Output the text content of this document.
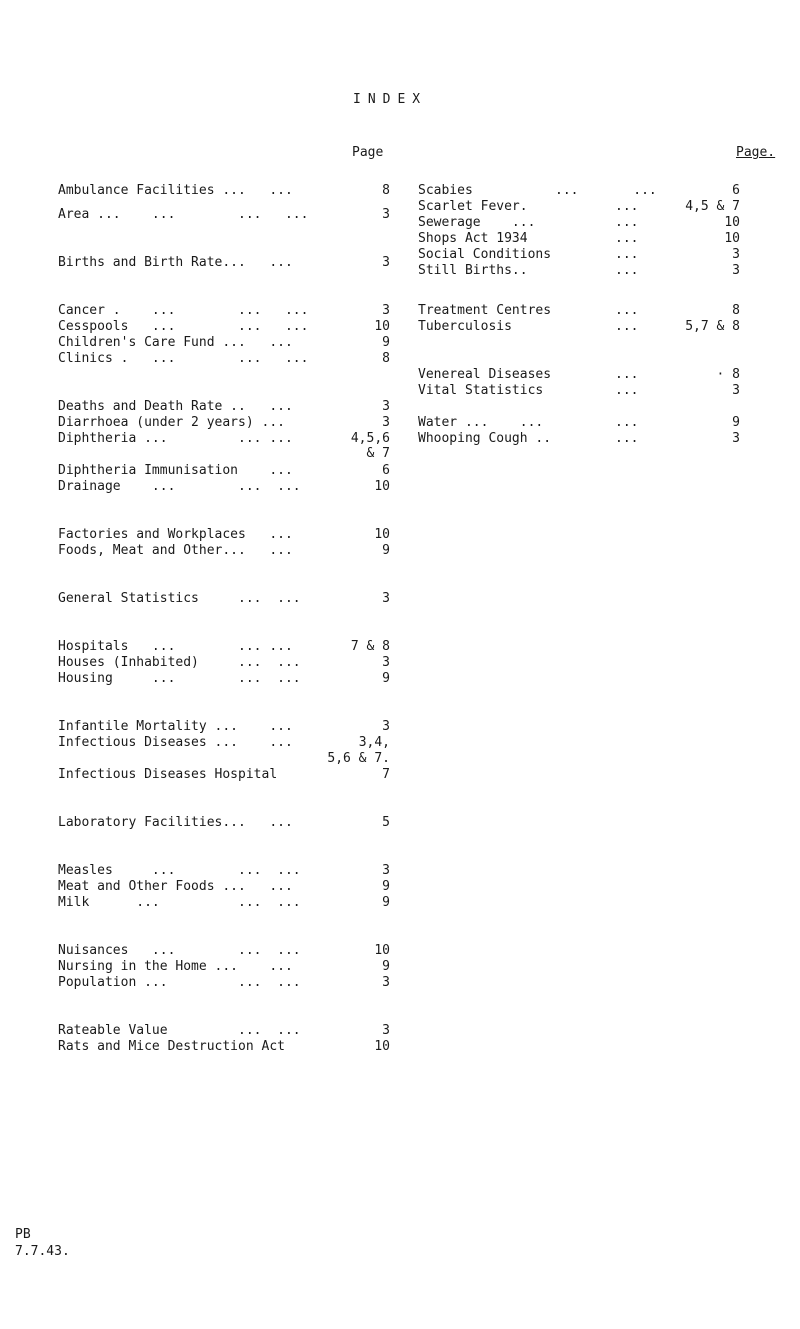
INDEX
Page	Page.
Ambulance Facilities ...   ...	8
Area ...    ...        ...   ...	3
Births and Birth Rate...   ...	3
Cancer .    ...        ...   ...	3
Cesspools   ...        ...   ...	10
Children's Care Fund ...   ...	9
Clinics .   ...        ...   ...	8
Deaths and Death Rate ..   ...	3
Diarrhoea (under 2 years) ...	3
Diphtheria ...         ... ...	4,5,6
& 7
Diphtheria Immunisation    ...	6
Drainage    ...        ...  ...	10
Factories and Workplaces   ...	10
Foods, Meat and Other...   ...	9
General Statistics     ...  ...	3
Hospitals   ...        ... ...	7 & 8
Houses (Inhabited)     ...  ...	3
Housing     ...        ...  ...	9
Infantile Mortality ...    ...	3
Infectious Diseases ...    ...	3,4,
5,6 & 7.
Infectious Diseases Hospital	7
Laboratory Facilities...   ...	5
Measles     ...        ...  ...	3
Meat and Other Foods ...   ...	9
Milk      ...          ...  ...	9
Nuisances   ...        ...  ...	10
Nursing in the Home ...    ...	9
Population ...         ...  ...	3
Rateable Value         ...  ...	3
Rats and Mice Destruction Act	10
Scabies	...       ...	6
Scarlet Fever.	...	4,5 & 7
Sewerage    ...	...	10
Shops Act 1934	...	10
Social Conditions	...	3
Still Births..	...	3
Treatment Centres	...	8
Tuberculosis	...	5,7 & 8
Venereal Diseases	...	· 8
Vital Statistics	...	3
Water ...    ...	...	9
Whooping Cough ..	...	3
PB
7.7.43.
